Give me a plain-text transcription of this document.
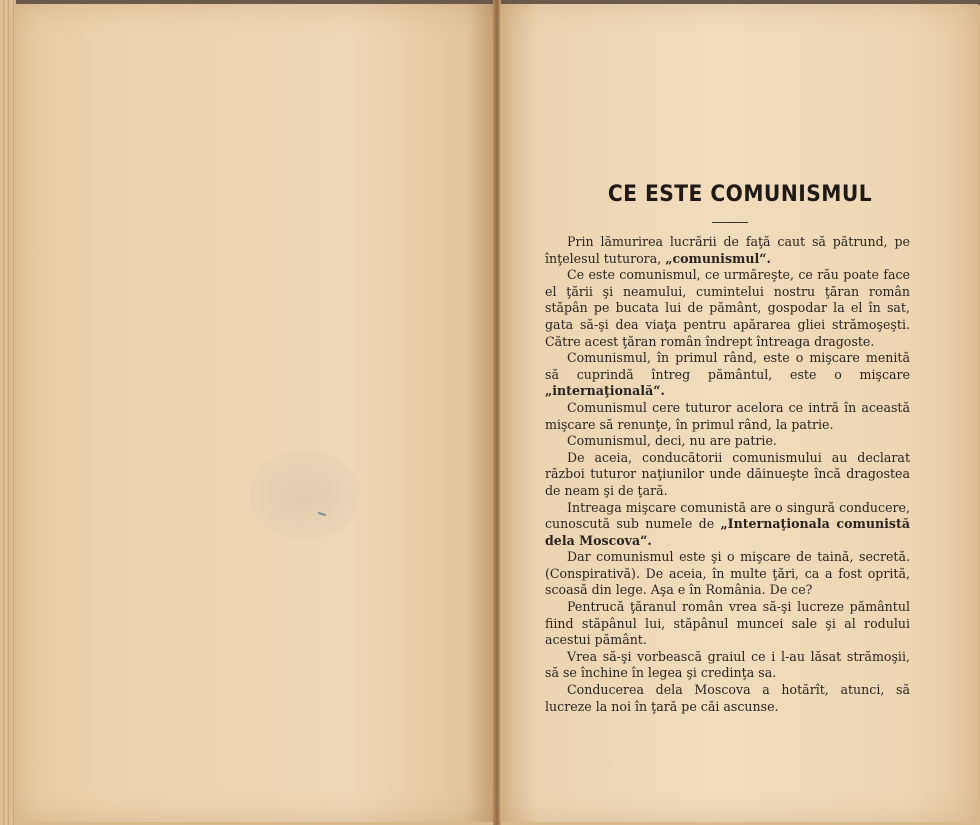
CE ESTE COMUNISMUL

Prin lămurirea lucrării de faţă caut să pătrund, pe înţelesul tuturora, „comunismul“.

Ce este comunismul, ce urmăreşte, ce rău poate face el ţării şi neamului, cumintelui nostru ţăran român stăpân pe bucata lui de pământ, gospodar la el în sat, gata să-şi dea viaţa pentru apărarea gliei strămoşeşti. Către acest ţăran român îndrept întreaga dragoste.

Comunismul, în primul rând, este o mişcare menită să cuprindă întreg pământul, este o mişcare „internaţională“.

Comunismul cere tuturor acelora ce intră în această mişcare să renunţe, în primul rând, la patrie.

Comunismul, deci, nu are patrie.

De aceia, conducătorii comunismului au declarat război tuturor naţiunilor unde dăinueşte încă dragostea de neam şi de ţară.

Intreaga mişcare comunistă are o singură conducere, cunoscută sub numele de „Internaţionala comunistă dela Moscova“.

Dar comunismul este şi o mişcare de taină, secretă. (Conspirativă). De aceia, în multe ţări, ca a fost oprită, scoasă din lege. Aşa e în România. De ce?

Pentrucă ţăranul român vrea să-şi lucreze pământul fiind stăpânul lui, stăpânul muncei sale şi al rodului acestui pământ.

Vrea să-şi vorbească graiul ce i l-au lăsat strămoşii, să se închine în legea şi credinţa sa.

Conducerea dela Moscova a hotărît, atunci, să lucreze la noi în ţară pe căi ascunse.
